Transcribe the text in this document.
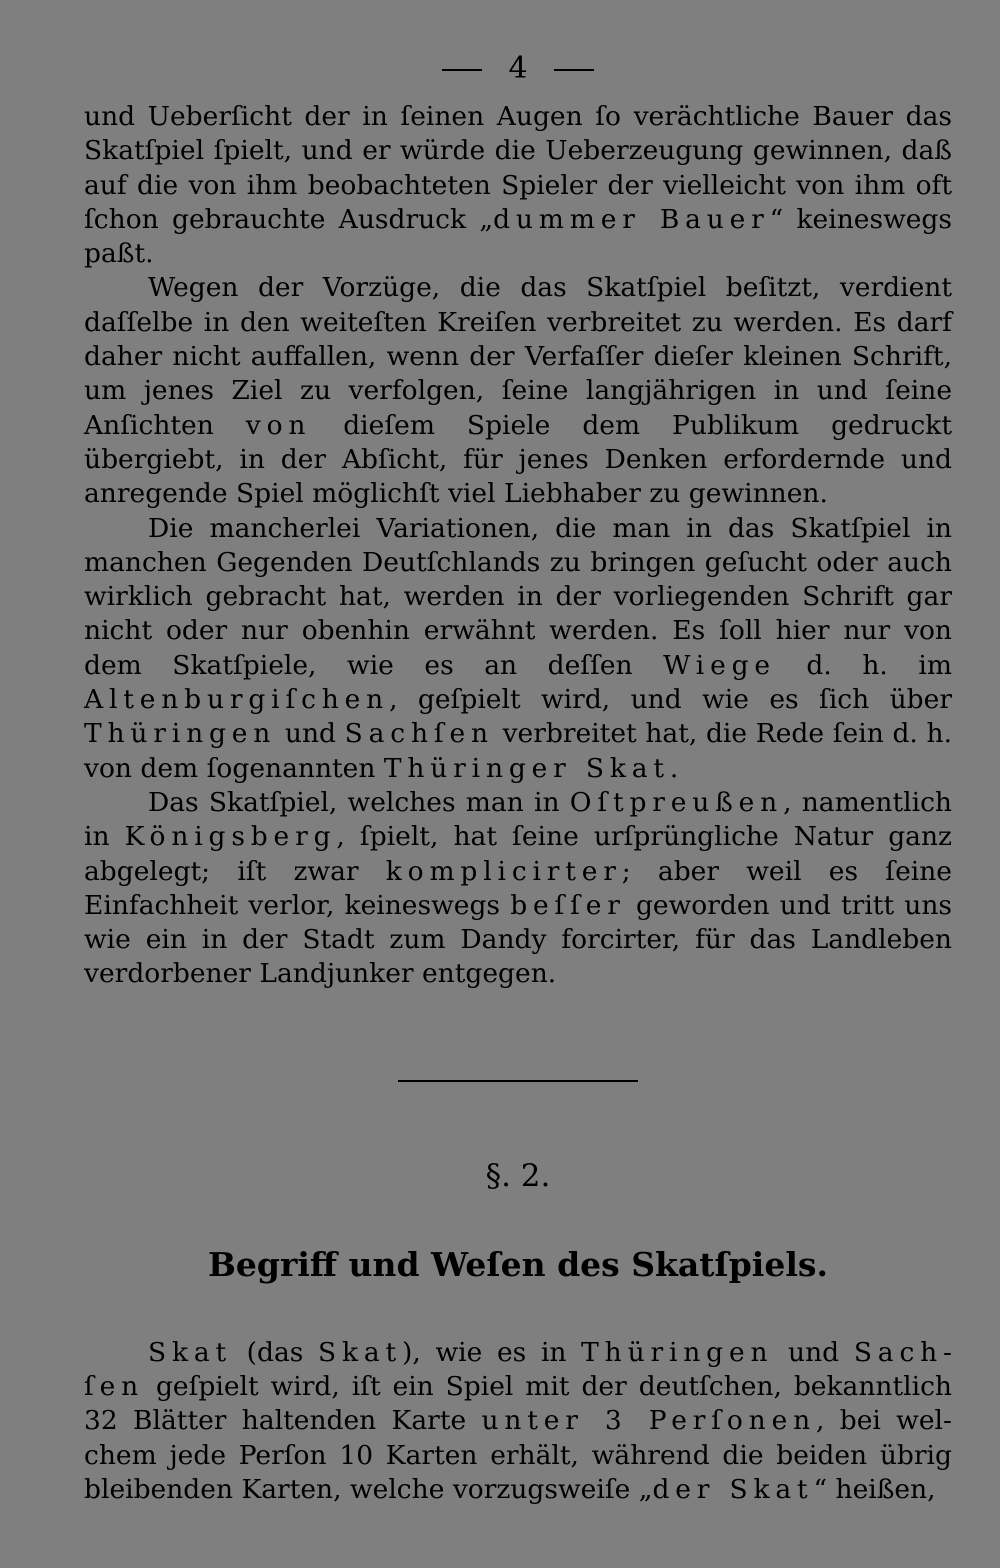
4

und Ueberſicht der in ſeinen Augen ſo verächtliche Bauer das Skatſpiel ſpielt, und er würde die Ueberzeugung gewinnen, daß auf die von ihm beobachteten Spieler der vielleicht von ihm oft ſchon gebrauchte Ausdruck „dummer Bauer“ keineswegs paßt.

Wegen der Vorzüge, die das Skatſpiel beſitzt, verdient daſſelbe in den weiteſten Kreiſen verbreitet zu werden. Es darf daher nicht auffallen, wenn der Verfaſſer dieſer kleinen Schrift, um jenes Ziel zu verfolgen, ſeine langjährigen in und ſeine Anſichten von dieſem Spiele dem Publikum gedruckt übergiebt, in der Abſicht, für jenes Denken erfordernde und anregende Spiel möglichſt viel Liebhaber zu gewinnen.

Die mancherlei Variationen, die man in das Skatſpiel in manchen Gegenden Deutſchlands zu bringen geſucht oder auch wirklich gebracht hat, werden in der vorliegenden Schrift gar nicht oder nur obenhin erwähnt werden. Es ſoll hier nur von dem Skatſpiele, wie es an deſſen Wiege d. h. im Altenburgiſchen, geſpielt wird, und wie es ſich über Thüringen und Sachſen verbreitet hat, die Rede ſein d. h. von dem ſogenannten Thüringer Skat.

Das Skatſpiel, welches man in Oſtpreußen, namentlich in Königsberg, ſpielt, hat ſeine urſprüngliche Natur ganz abgelegt; iſt zwar komplicirter; aber weil es ſeine Einfachheit verlor, keineswegs beſſer geworden und tritt uns wie ein in der Stadt zum Dandy forcirter, für das Landleben verdorbener Landjunker entgegen.

§. 2.
Begriff und Weſen des Skatſpiels.

Skat (das Skat), wie es in Thüringen und Sachſen geſpielt wird, iſt ein Spiel mit der deutſchen, bekanntlich 32 Blätter haltenden Karte unter 3 Perſonen, bei welchem jede Perſon 10 Karten erhält, während die beiden übrig bleibenden Karten, welche vorzugsweiſe „der Skat“ heißen,
